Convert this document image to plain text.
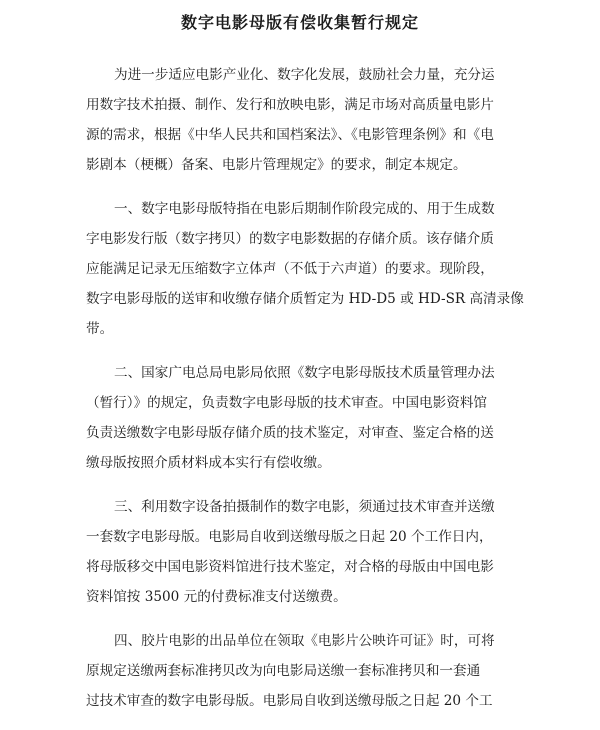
数字电影母版有偿收集暂行规定

为进一步适应电影产业化、数字化发展，鼓励社会力量，充分运
用数字技术拍摄、制作、发行和放映电影，满足市场对高质量电影片
源的需求，根据《中华人民共和国档案法》、《电影管理条例》和《电
影剧本（梗概）备案、电影片管理规定》的要求，制定本规定。

一、数字电影母版特指在电影后期制作阶段完成的、用于生成数
字电影发行版（数字拷贝）的数字电影数据的存储介质。该存储介质
应能满足记录无压缩数字立体声（不低于六声道）的要求。现阶段，
数字电影母版的送审和收缴存储介质暂定为 HD-D5 或 HD-SR 高清录像
带。

二、国家广电总局电影局依照《数字电影母版技术质量管理办法
（暂行）》的规定，负责数字电影母版的技术审查。中国电影资料馆
负责送缴数字电影母版存储介质的技术鉴定，对审查、鉴定合格的送
缴母版按照介质材料成本实行有偿收缴。

三、利用数字设备拍摄制作的数字电影，须通过技术审查并送缴
一套数字电影母版。电影局自收到送缴母版之日起 20 个工作日内，
将母版移交中国电影资料馆进行技术鉴定，对合格的母版由中国电影
资料馆按 3500 元的付费标准支付送缴费。

四、胶片电影的出品单位在领取《电影片公映许可证》时，可将
原规定送缴两套标准拷贝改为向电影局送缴一套标准拷贝和一套通
过技术审查的数字电影母版。电影局自收到送缴母版之日起 20 个工
